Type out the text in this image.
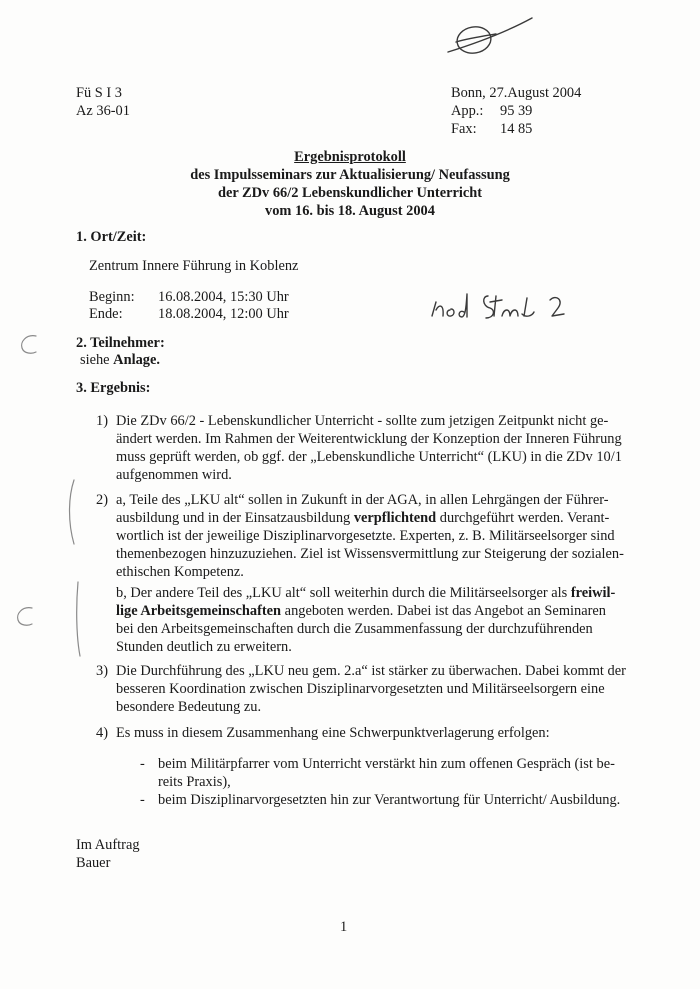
Fü S I 3
Az 36-01
Bonn, 27.August 2004
App.:	95 39
Fax:	14 85
Ergebnisprotokoll
des Impulsseminars zur Aktualisierung/ Neufassung
der ZDv 66/2 Lebenskundlicher Unterricht
vom 16. bis 18. August 2004
1. Ort/Zeit:
Zentrum Innere Führung in Koblenz
Beginn: 16.08.2004, 15:30 Uhr
Ende: 18.08.2004, 12:00 Uhr
2. Teilnehmer:
siehe Anlage.
3. Ergebnis:
1) Die ZDv 66/2 - Lebenskundlicher Unterricht - sollte zum jetzigen Zeitpunkt nicht ge-
ändert werden. Im Rahmen der Weiterentwicklung der Konzeption der Inneren Führung
muss geprüft werden, ob ggf. der „Lebenskundliche Unterricht“ (LKU) in die ZDv 10/1
aufgenommen wird.
2) a, Teile des „LKU alt“ sollen in Zukunft in der AGA, in allen Lehrgängen der Führer-
ausbildung und in der Einsatzausbildung verpflichtend durchgeführt werden. Verant-
wortlich ist der jeweilige Disziplinarvorgesetzte. Experten, z. B. Militärseelsorger sind
themenbezogen hinzuzuziehen. Ziel ist Wissensvermittlung zur Steigerung der sozialen-
ethischen Kompetenz.
b, Der andere Teil des „LKU alt“ soll weiterhin durch die Militärseelsorger als freiwil-
lige Arbeitsgemeinschaften angeboten werden. Dabei ist das Angebot an Seminaren
bei den Arbeitsgemeinschaften durch die Zusammenfassung der durchzuführenden
Stunden deutlich zu erweitern.
3) Die Durchführung des „LKU neu gem. 2.a“ ist stärker zu überwachen. Dabei kommt der
besseren Koordination zwischen Disziplinarvorgesetzten und Militärseelsorgern eine
besondere Bedeutung zu.
4) Es muss in diesem Zusammenhang eine Schwerpunktverlagerung erfolgen:
- beim Militärpfarrer vom Unterricht verstärkt hin zum offenen Gespräch (ist be-
reits Praxis),
- beim Disziplinarvorgesetzten hin zur Verantwortung für Unterricht/ Ausbildung.
Im Auftrag
Bauer
1
